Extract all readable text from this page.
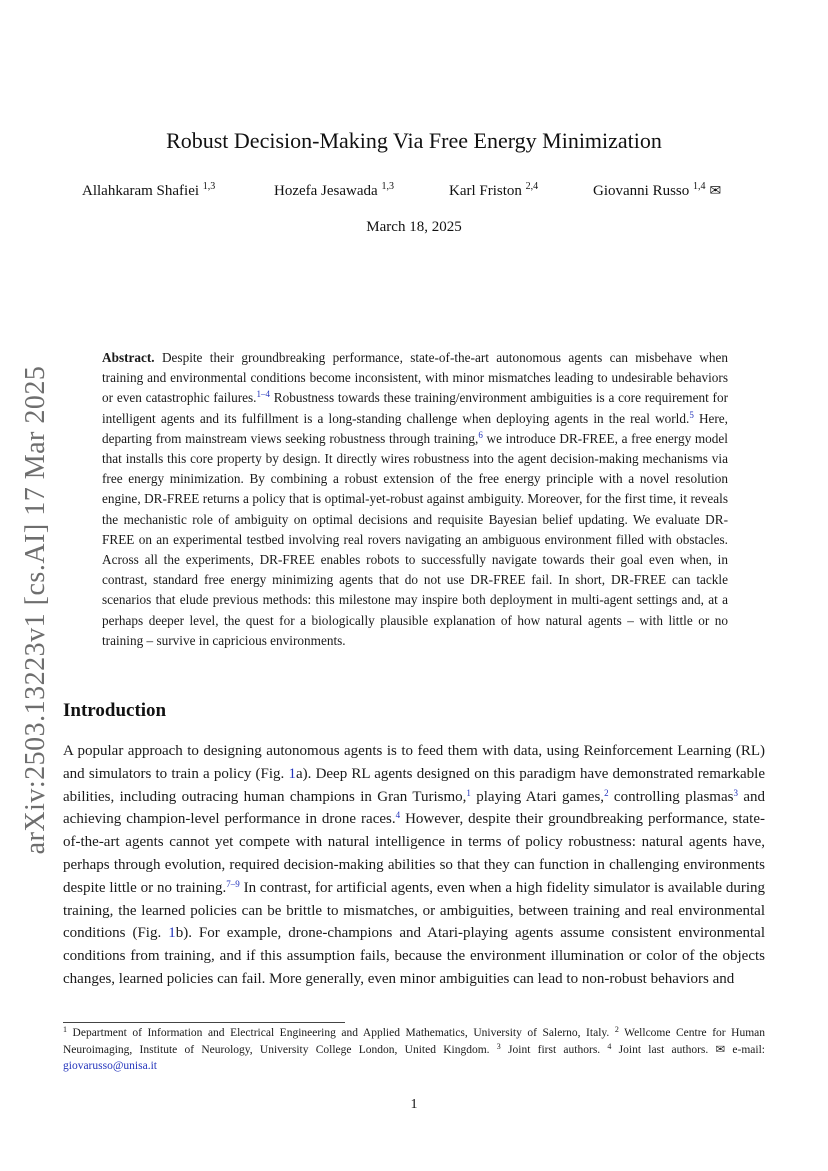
arXiv:2503.13223v1 [cs.AI] 17 Mar 2025
Robust Decision-Making Via Free Energy Minimization
Allahkaram Shafiei $^{1,3}$	Hozefa Jesawada $^{1,3}$	Karl Friston $^{2,4}$	Giovanni Russo $^{1,4}$ ✉
March 18, 2025

Abstract. Despite their groundbreaking performance, state-of-the-art autonomous agents can misbehave when training and environmental conditions become inconsistent, with minor mismatches leading to undesirable behaviors or even catastrophic failures.$^{1-4}$ Robustness towards these training/environment ambiguities is a core requirement for intelligent agents and its fulfillment is a long-standing challenge when deploying agents in the real world.$^5$ Here, departing from mainstream views seeking robustness through training,$^6$ we introduce DR-FREE, a free energy model that installs this core property by design. It directly wires robustness into the agent decision-making mechanisms via free energy minimization. By combining a robust extension of the free energy principle with a novel resolution engine, DR-FREE returns a policy that is optimal-yet-robust against ambiguity. Moreover, for the first time, it reveals the mechanistic role of ambiguity on optimal decisions and requisite Bayesian belief updating. We evaluate DR-FREE on an experimental testbed involving real rovers navigating an ambiguous environment filled with obstacles. Across all the experiments, DR-FREE enables robots to successfully navigate towards their goal even when, in contrast, standard free energy minimizing agents that do not use DR-FREE fail. In short, DR-FREE can tackle scenarios that elude previous methods: this milestone may inspire both deployment in multi-agent settings and, at a perhaps deeper level, the quest for a biologically plausible explanation of how natural agents – with little or no training – survive in capricious environments.

Introduction

A popular approach to designing autonomous agents is to feed them with data, using Reinforcement Learning (RL) and simulators to train a policy (Fig. 1a). Deep RL agents designed on this paradigm have demonstrated remarkable abilities, including outracing human champions in Gran Turismo,$^1$ playing Atari games,$^2$ controlling plasmas$^3$ and achieving champion-level performance in drone races.$^4$ However, despite their groundbreaking performance, state-of-the-art agents cannot yet compete with natural intelligence in terms of policy robustness: natural agents have, perhaps through evolution, required decision-making abilities so that they can function in challenging environments despite little or no training.$^{7-9}$ In contrast, for artificial agents, even when a high fidelity simulator is available during training, the learned policies can be brittle to mismatches, or ambiguities, between training and real environmental conditions (Fig. 1b). For example, drone-champions and Atari-playing agents assume consistent environmental conditions from training, and if this assumption fails, because the environment illumination or color of the objects changes, learned policies can fail. More generally, even minor ambiguities can lead to non-robust behaviors and

$^1$ Department of Information and Electrical Engineering and Applied Mathematics, University of Salerno, Italy. $^2$ Wellcome Centre for Human Neuroimaging, Institute of Neurology, University College London, United Kingdom. $^3$ Joint first authors. $^4$ Joint last authors. ✉ e-mail: giovarusso@unisa.it

1
